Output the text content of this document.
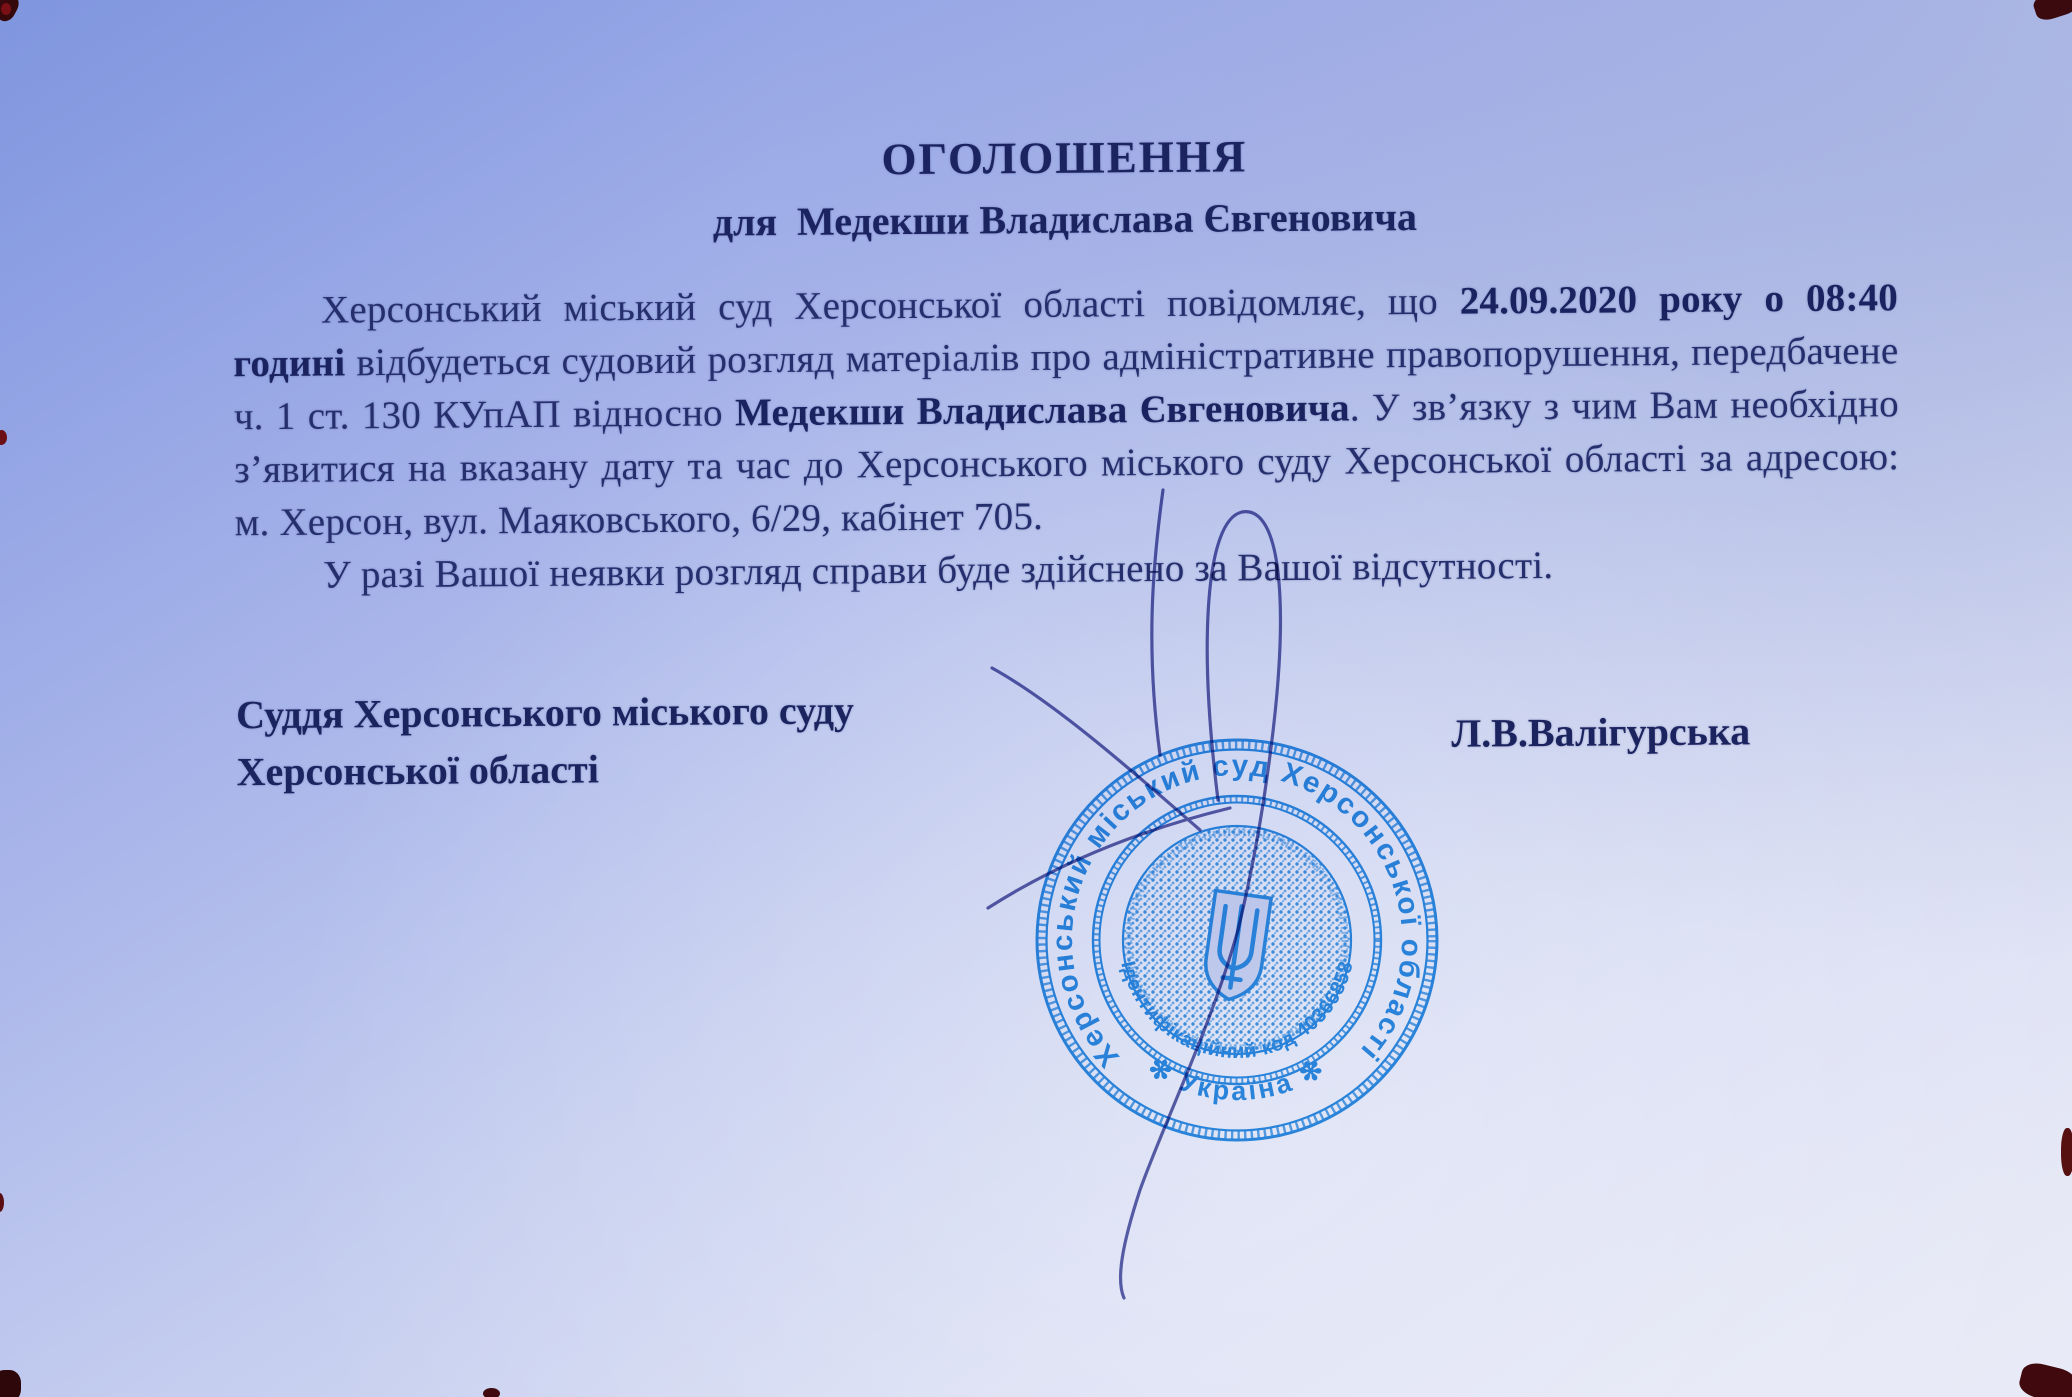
ОГОЛОШЕННЯ
для  Медекши Владислава Євгеновича

Херсонський міський суд Херсонської області повідомляє, що 24.09.2020 року о 08:40 годині відбудеться судовий розгляд матеріалів про адміністративне правопорушення, передбачене ч. 1 ст. 130 КУпАП відносно Медекши Владислава Євгеновича. У зв’язку з чим Вам необхідно з’явитися на вказану дату та час до Херсонського міського суду Херсонської області за адресою: м. Херсон, вул. Маяковського, 6/29, кабінет 705.

У разі Вашої неявки розгляд справи буде здійснено за Вашої відсутності.

Суддя Херсонського міського суду
Херсонської області
Л.В.Валігурська
Херсонський міський суд Херсонської області
✻ Україна ✻
Ідентифікаційний код 40366858
